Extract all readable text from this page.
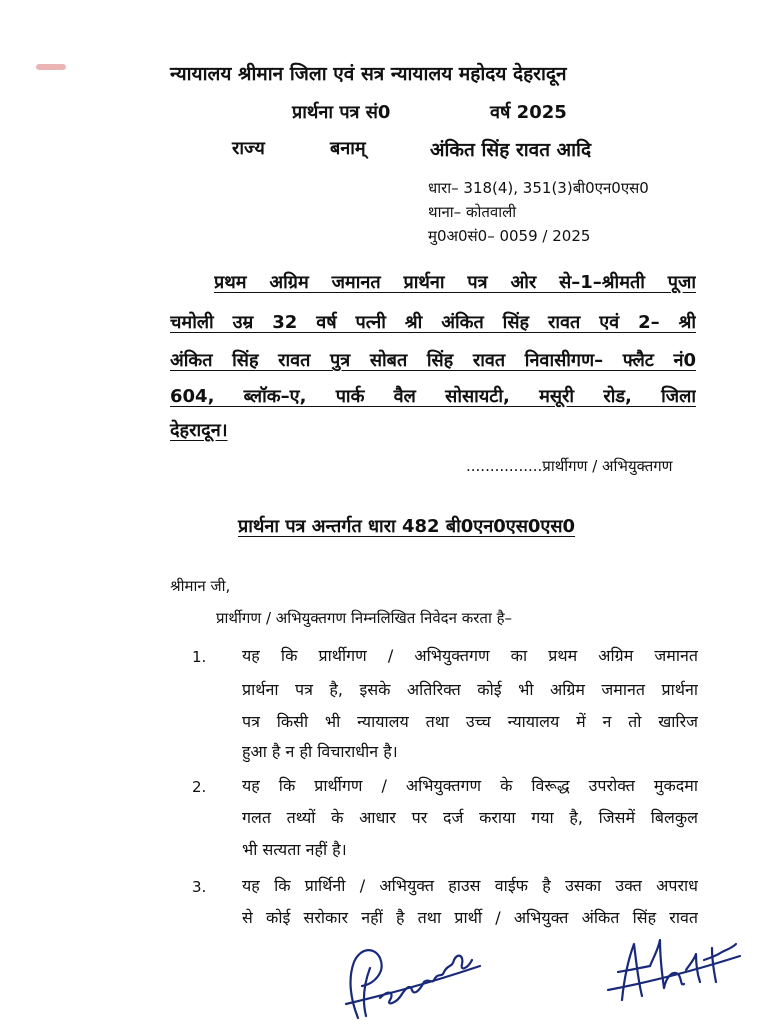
न्यायालय श्रीमान जिला एवं सत्र न्यायालय महोदय देहरादून
प्रार्थना पत्र सं0	वर्ष 2025
राज्य	बनाम्	अंकित सिंह रावत आदि
धारा– 318(4), 351(3)बी0एन0एस0
थाना– कोतवाली
मु0अ0सं0– 0059 / 2025
प्रथम अग्रिम जमानत प्रार्थना पत्र ओर से–1–श्रीमती पूजा
चमोली उम्र 32 वर्ष पत्नी श्री अंकित सिंह रावत एवं 2– श्री
अंकित सिंह रावत पुत्र सोबत सिंह रावत निवासीगण– फ्लैट नं0
604, ब्लॉक–ए, पार्क वैल सोसायटी, मसूरी रोड, जिला
देहरादून।
................प्रार्थीगण / अभियुक्तगण
प्रार्थना पत्र अन्तर्गत धारा 482 बी0एन0एस0एस0
श्रीमान जी,
प्रार्थीगण / अभियुक्तगण निम्नलिखित निवेदन करता है–
1. यह कि प्रार्थीगण / अभियुक्तगण का प्रथम अग्रिम जमानत
प्रार्थना पत्र है, इसके अतिरिक्त कोई भी अग्रिम जमानत प्रार्थना
पत्र किसी भी न्यायालय तथा उच्च न्यायालय में न तो खारिज
हुआ है न ही विचाराधीन है।
2. यह कि प्रार्थीगण / अभियुक्तगण के विरूद्ध उपरोक्त मुकदमा
गलत तथ्यों के आधार पर दर्ज कराया गया है, जिसमें बिलकुल
भी सत्यता नहीं है।
3. यह कि प्रार्थिनी / अभियुक्त हाउस वाईफ है उसका उक्त अपराध
से कोई सरोकार नहीं है तथा प्रार्थी / अभियुक्त अंकित सिंह रावत
